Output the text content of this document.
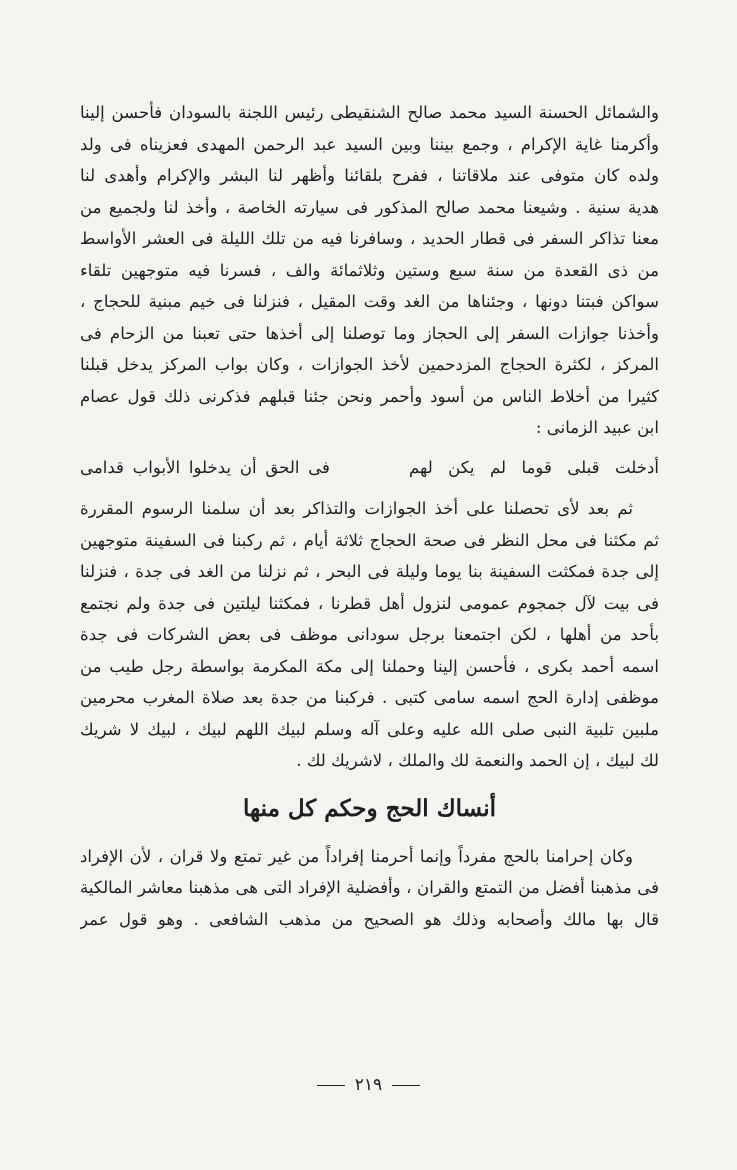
والشمائل الحسنة السيد محمد صالح الشنقيطى رئيس اللجنة بالسودان فأحسن إلينا
وأكرمنا غاية الإكرام ، وجمع بيننا وبين السيد عبد الرحمن المهدى فعزيناه فى ولد
ولده كان متوفى عند ملاقاتنا ، ففرح بلقائنا وأظهر لنا البشر والإكرام وأهدى لنا
هدية سنية . وشيعنا محمد صالح المذكور فى سيارته الخاصة ، وأخذ لنا ولجميع من
معنا تذاكر السفر فى قطار الحديد ، وسافرنا فيه من تلك الليلة فى العشر الأواسط
من ذى القعدة من سنة سبع وستين وثلاثمائة والف ، فسرنا فيه متوجهين تلقاء
سواكن فبتنا دونها ، وجئناها من الغد وقت المقيل ، فنزلنا فى خيم مبنية للحجاج ،
وأخذنا جوازات السفر إلى الحجاز وما توصلنا إلى أخذها حتى تعبنا من الزحام فى
المركز ، لكثرة الحجاج المزدحمين لأخذ الجوازات ، وكان بواب المركز يدخل قبلنا
كثيرا من أخلاط الناس من أسود وأحمر ونحن جئنا قبلهم فذكرنى ذلك قول عصام
ابن عبيد الزمانى :
أدخلت قبلى قوما لم يكن لهم
فى الحق أن يدخلوا الأبواب قدامى
ثم بعد لأى تحصلنا على أخذ الجوازات والتذاكر بعد أن سلمنا الرسوم المقررة
ثم مكثنا فى محل النظر فى صحة الحجاج ثلاثة أيام ، ثم ركبنا فى السفينة متوجهين
إلى جدة فمكثت السفينة بنا يوما وليلة فى البحر ، ثم نزلنا من الغد فى جدة ، فنزلنا
فى بيت لآل جمجوم عمومى لنزول أهل قطرنا ، فمكثنا ليلتين فى جدة ولم نجتمع
بأحد من أهلها ، لكن اجتمعنا برجل سودانى موظف فى بعض الشركات فى جدة
اسمه أحمد بكرى ، فأحسن إلينا وحملنا إلى مكة المكرمة بواسطة رجل طيب من
موظفى إدارة الحج اسمه سامى كتبى . فركبنا من جدة بعد صلاة المغرب محرمين
ملبين تلبية النبى صلى الله عليه وعلى آله وسلم لبيك اللهم لبيك ، لبيك لا شريك
لك لبيك ، إن الحمد والنعمة لك والملك ، لاشريك لك .
أنساك الحج وحكم كل منها
وكان إحرامنا بالحج مفرداً وإنما أحرمنا إفراداً من غير تمتع ولا قران ، لأن الإفراد
فى مذهبنا أفضل من التمتع والقران ، وأفضلية الإفراد التى هى مذهبنا معاشر المالكية
قال بها مالك وأصحابه وذلك هو الصحيح من مذهب الشافعى . وهو قول عمر
٢١٩
